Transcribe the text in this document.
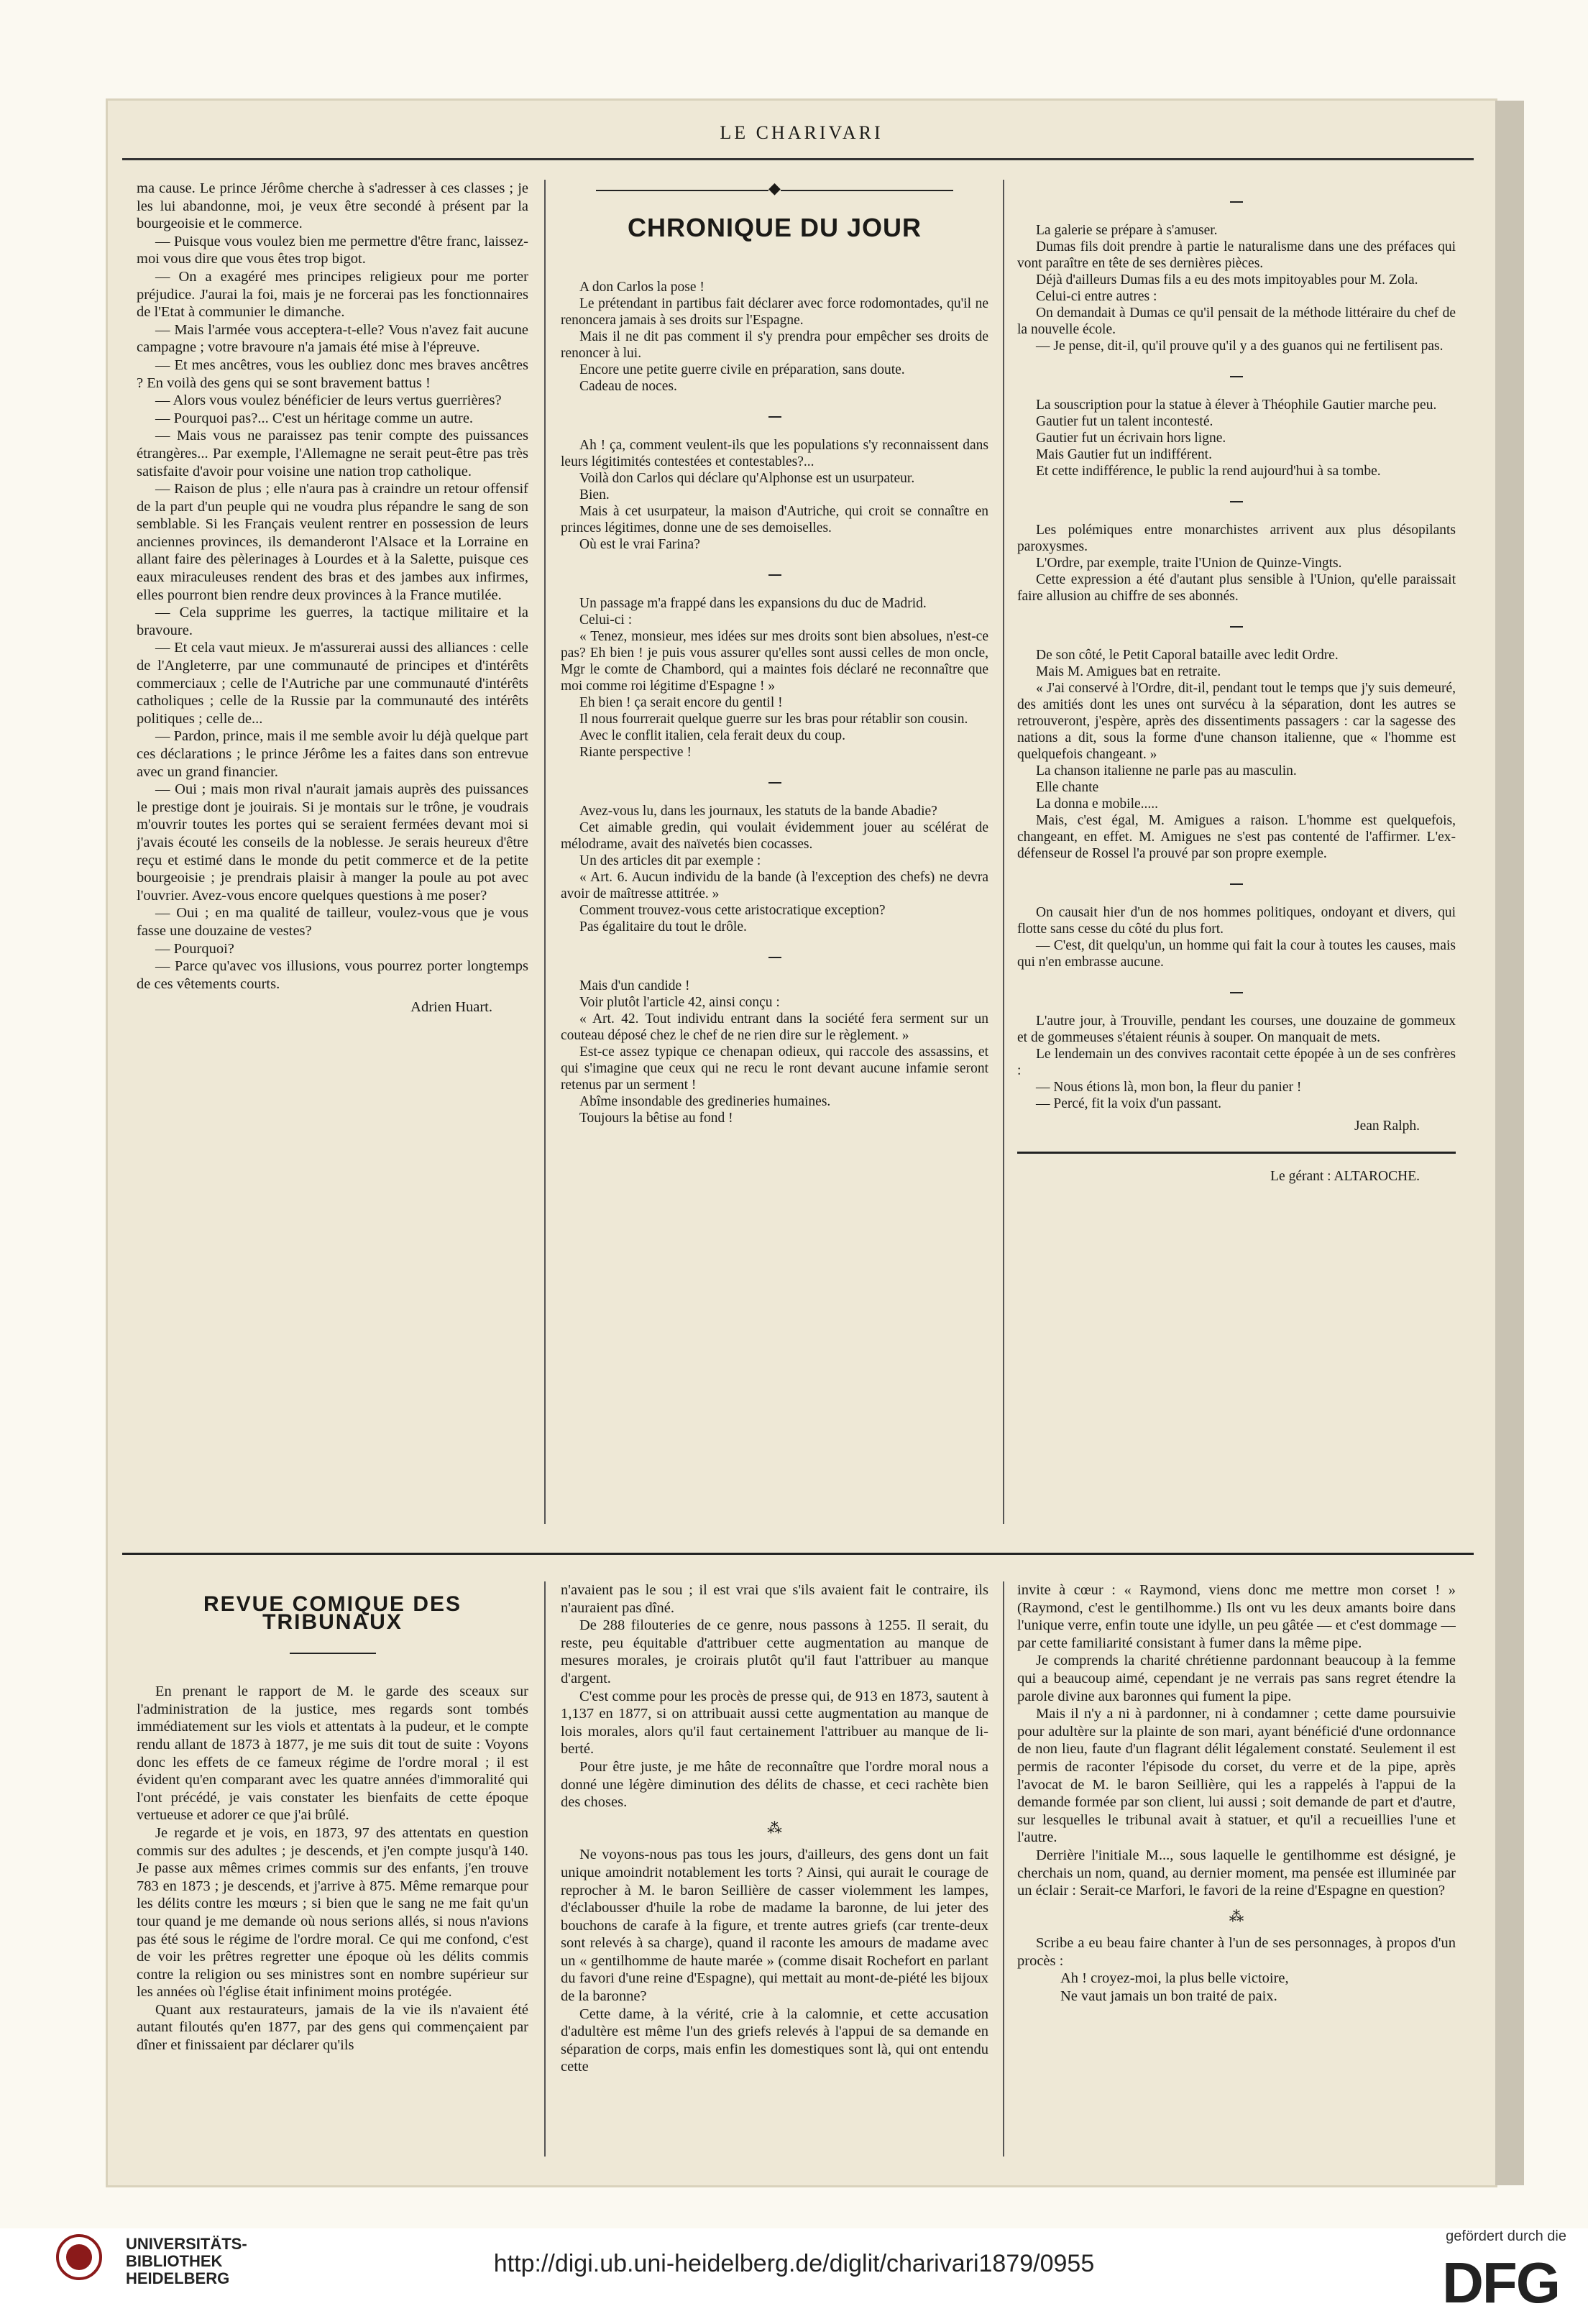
LE CHARIVARI

ma cause. Le prince Jérôme cherche à s'adresser à ces classes ; je les lui abandonne, moi, je veux être secondé à présent par la bourgeoisie et le commerce.

— Puisque vous voulez bien me permettre d'être franc, laissez-moi vous dire que vous êtes trop bigot.

— On a exagéré mes principes religieux pour me porter préjudice. J'aurai la foi, mais je ne forcerai pas les fonctionnaires de l'Etat à communier le dimanche.

— Mais l'armée vous acceptera-t-elle? Vous n'avez fait aucune campagne ; votre bravoure n'a jamais été mise à l'épreuve.

— Et mes ancêtres, vous les oubliez donc mes braves ancêtres ? En voilà des gens qui se sont bravement battus !

— Alors vous voulez bénéficier de leurs vertus guerrières?

— Pourquoi pas?... C'est un héritage comme un autre.

— Mais vous ne paraissez pas tenir compte des puissances étrangères... Par exemple, l'Allemagne ne serait peut-être pas très satisfaite d'avoir pour voisine une nation trop catholique.

— Raison de plus ; elle n'aura pas à craindre un retour offensif de la part d'un peuple qui ne voudra plus répandre le sang de son semblable. Si les Français veulent rentrer en possession de leurs anciennes provinces, ils demanderont l'Alsace et la Lorraine en allant faire des pèlerinages à Lourdes et à la Salette, puisque ces eaux miraculeuses rendent des bras et des jambes aux infirmes, elles pourront bien rendre deux provinces à la France mutilée.

— Cela supprime les guerres, la tactique militaire et la bravoure.

— Et cela vaut mieux. Je m'assurerai aussi des alliances : celle de l'Angleterre, par une communauté de principes et d'intérêts commerciaux ; celle de l'Autriche par une communauté d'intérêts catholiques ; celle de la Russie par la communauté des intérêts politiques ; celle de...

— Pardon, prince, mais il me semble avoir lu déjà quelque part ces déclarations ; le prince Jérôme les a faites dans son entrevue avec un grand financier.

— Oui ; mais mon rival n'aurait jamais auprès des puissances le prestige dont je jouirais. Si je montais sur le trône, je voudrais m'ouvrir toutes les portes qui se seraient fermées devant moi si j'avais écouté les conseils de la noblesse. Je serais heureux d'être reçu et estimé dans le monde du petit commerce et de la petite bourgeoisie ; je prendrais plaisir à manger la poule au pot avec l'ouvrier. Avez-vous encore quelques questions à me poser?

— Oui ; en ma qualité de tailleur, voulez-vous que je vous fasse une douzaine de vestes?

— Pourquoi?

— Parce qu'avec vos illusions, vous pourrez porter longtemps de ces vêtements courts.

Adrien Huart.
◆
CHRONIQUE DU JOUR

A don Carlos la pose !

Le prétendant in partibus fait déclarer avec force rodomontades, qu'il ne renoncera jamais à ses droits sur l'Espagne.

Mais il ne dit pas comment il s'y prendra pour empêcher ses droits de renoncer à lui.

Encore une petite guerre civile en préparation, sans doute.

Cadeau de noces.

Ah ! ça, comment veulent-ils que les populations s'y reconnaissent dans leurs légitimités contestées et contestables?...

Voilà don Carlos qui déclare qu'Alphonse est un usurpateur.

Bien.

Mais à cet usurpateur, la maison d'Autriche, qui croit se connaître en princes légitimes, donne une de ses demoiselles.

Où est le vrai Farina?

Un passage m'a frappé dans les expansions du duc de Madrid.

Celui-ci :

« Tenez, monsieur, mes idées sur mes droits sont bien absolues, n'est-ce pas? Eh bien ! je puis vous assurer qu'elles sont aussi celles de mon oncle, Mgr le comte de Chambord, qui a maintes fois déclaré ne reconnaître que moi comme roi légitime d'Espagne ! »

Eh bien ! ça serait encore du gentil !

Il nous fourrerait quelque guerre sur les bras pour rétablir son cousin.

Avec le conflit italien, cela ferait deux du coup.

Riante perspective !

Avez-vous lu, dans les journaux, les statuts de la bande Abadie?

Cet aimable gredin, qui voulait évidemment jouer au scélérat de mélodrame, avait des naïvetés bien cocasses.

Un des articles dit par exemple :

« Art. 6. Aucun individu de la bande (à l'exception des chefs) ne devra avoir de maîtresse attitrée. »

Comment trouvez-vous cette aristocratique exception?

Pas égalitaire du tout le drôle.

Mais d'un candide !

Voir plutôt l'article 42, ainsi conçu :

« Art. 42. Tout individu entrant dans la société fera serment sur un couteau déposé chez le chef de ne rien dire sur le règlement. »

Est-ce assez typique ce chenapan odieux, qui raccole des assassins, et qui s'imagine que ceux qui ne recu le ront devant aucune infamie seront retenus par un serment !

Abîme insondable des gredineries humaines.

Toujours la bêtise au fond !

La galerie se prépare à s'amuser.

Dumas fils doit prendre à partie le naturalisme dans une des préfaces qui vont paraître en tête de ses dernières pièces.

Déjà d'ailleurs Dumas fils a eu des mots impitoyables pour M. Zola.

Celui-ci entre autres :

On demandait à Dumas ce qu'il pensait de la méthode littéraire du chef de la nouvelle école.

— Je pense, dit-il, qu'il prouve qu'il y a des guanos qui ne fertilisent pas.

La souscription pour la statue à élever à Théophile Gautier marche peu.

Gautier fut un talent incontesté.

Gautier fut un écrivain hors ligne.

Mais Gautier fut un indifférent.

Et cette indifférence, le public la rend aujourd'hui à sa tombe.

Les polémiques entre monarchistes arrivent aux plus désopilants paroxysmes.

L'Ordre, par exemple, traite l'Union de Quinze-Vingts.

Cette expression a été d'autant plus sensible à l'Union, qu'elle paraissait faire allusion au chiffre de ses abonnés.

De son côté, le Petit Caporal bataille avec ledit Ordre.

Mais M. Amigues bat en retraite.

« J'ai conservé à l'Ordre, dit-il, pendant tout le temps que j'y suis demeuré, des amitiés dont les unes ont survécu à la séparation, dont les autres se retrouveront, j'espère, après des dissentiments passagers : car la sagesse des nations a dit, sous la forme d'une chanson italienne, que « l'homme est quelquefois changeant. »

La chanson italienne ne parle pas au masculin.

Elle chante

La donna e mobile.....

Mais, c'est égal, M. Amigues a raison. L'homme est quelquefois, changeant, en effet. M. Amigues ne s'est pas contenté de l'affirmer. L'ex-défenseur de Rossel l'a prouvé par son propre exemple.

On causait hier d'un de nos hommes politiques, ondoyant et divers, qui flotte sans cesse du côté du plus fort.

— C'est, dit quelqu'un, un homme qui fait la cour à toutes les causes, mais qui n'en embrasse aucune.

L'autre jour, à Trouville, pendant les courses, une douzaine de gommeux et de gommeuses s'étaient réunis à souper. On manquait de mets.

Le lendemain un des convives racontait cette épopée à un de ses confrères :

— Nous étions là, mon bon, la fleur du panier !

— Percé, fit la voix d'un passant.

Jean Ralph.
Le gérant : ALTAROCHE.
REVUE COMIQUE DES TRIBUNAUX

En prenant le rapport de M. le garde des sceaux sur l'administration de la justice, mes regards sont tombés immédiatement sur les viols et attentats à la pudeur, et le compte rendu allant de 1873 à 1877, je me suis dit tout de suite : Voyons donc les effets de ce fameux régime de l'ordre moral ; il est évident qu'en comparant avec les quatre années d'immoralité qui l'ont précédé, je vais constater les bienfaits de cette époque vertueuse et adorer ce que j'ai brûlé.

Je regarde et je vois, en 1873, 97 des attentats en question commis sur des adultes ; je descends, et j'en compte jusqu'à 140. Je passe aux mêmes crimes commis sur des enfants, j'en trouve 783 en 1873 ; je descends, et j'arrive à 875. Même remarque pour les délits contre les mœurs ; si bien que le sang ne me fait qu'un tour quand je me demande où nous serions allés, si nous n'avions pas été sous le régime de l'ordre moral. Ce qui me confond, c'est de voir les prêtres regretter une époque où les délits commis contre la religion ou ses ministres sont en nombre supérieur sur les années où l'église était infiniment moins protégée.

Quant aux restaurateurs, jamais de la vie ils n'avaient été autant filoutés qu'en 1877, par des gens qui commençaient par dîner et finissaient par déclarer qu'ils

n'avaient pas le sou ; il est vrai que s'ils avaient fait le contraire, ils n'auraient pas dîné.

De 288 filouteries de ce genre, nous passons à 1255. Il serait, du reste, peu équitable d'attribuer cette augmentation au manque de mesures morales, je croirais plutôt qu'il faut l'attribuer au manque d'argent.

C'est comme pour les procès de presse qui, de 913 en 1873, sautent à 1,137 en 1877, si on attribuait aussi cette augmentation au manque de lois morales, alors qu'il faut certainement l'attribuer au manque de liberté.

Pour être juste, je me hâte de reconnaître que l'ordre moral nous a donné une légère diminution des délits de chasse, et ceci rachète bien des choses.

⁂

Ne voyons-nous pas tous les jours, d'ailleurs, des gens dont un fait unique amoindrit notablement les torts ? Ainsi, qui aurait le courage de reprocher à M. le baron Seillière de casser violemment les lampes, d'éclabousser d'huile la robe de madame la baronne, de lui jeter des bouchons de carafe à la figure, et trente autres griefs (car trente-deux sont relevés à sa charge), quand il raconte les amours de madame avec un « gentilhomme de haute marée » (comme disait Rochefort en parlant du favori d'une reine d'Espagne), qui mettait au mont-de-piété les bijoux de la baronne?

Cette dame, à la vérité, crie à la calomnie, et cette accusation d'adultère est même l'un des griefs relevés à l'appui de sa demande en séparation de corps, mais enfin les domestiques sont là, qui ont entendu cette

invite à cœur : « Raymond, viens donc me mettre mon corset ! » (Raymond, c'est le gentilhomme.) Ils ont vu les deux amants boire dans l'unique verre, enfin toute une idylle, un peu gâtée — et c'est dommage — par cette familiarité consistant à fumer dans la même pipe.

Je comprends la charité chrétienne pardonnant beaucoup à la femme qui a beaucoup aimé, cependant je ne verrais pas sans regret étendre la parole divine aux baronnes qui fument la pipe.

Mais il n'y a ni à pardonner, ni à condamner ; cette dame poursuivie pour adultère sur la plainte de son mari, ayant bénéficié d'une ordonnance de non lieu, faute d'un flagrant délit légalement constaté. Seulement il est permis de raconter l'épisode du corset, du verre et de la pipe, après l'avocat de M. le baron Seillière, qui les a rappelés à l'appui de la demande formée par son client, lui aussi ; soit demande de part et d'autre, sur lesquelles le tribunal avait à statuer, et qu'il a recueillies l'une et l'autre.

Derrière l'initiale M..., sous laquelle le gentilhomme est désigné, je cherchais un nom, quand, au dernier moment, ma pensée est illuminée par un éclair : Serait-ce Marfori, le favori de la reine d'Espagne en question?

⁂

Scribe a eu beau faire chanter à l'un de ses personnages, à propos d'un procès :

Ah ! croyez-moi, la plus belle victoire,

Ne vaut jamais un bon traité de paix.

UNIVERSITÄTS-
BIBLIOTHEK
HEIDELBERG
http://digi.ub.uni-heidelberg.de/diglit/charivari1879/0955
gefördert durch die
DFG
